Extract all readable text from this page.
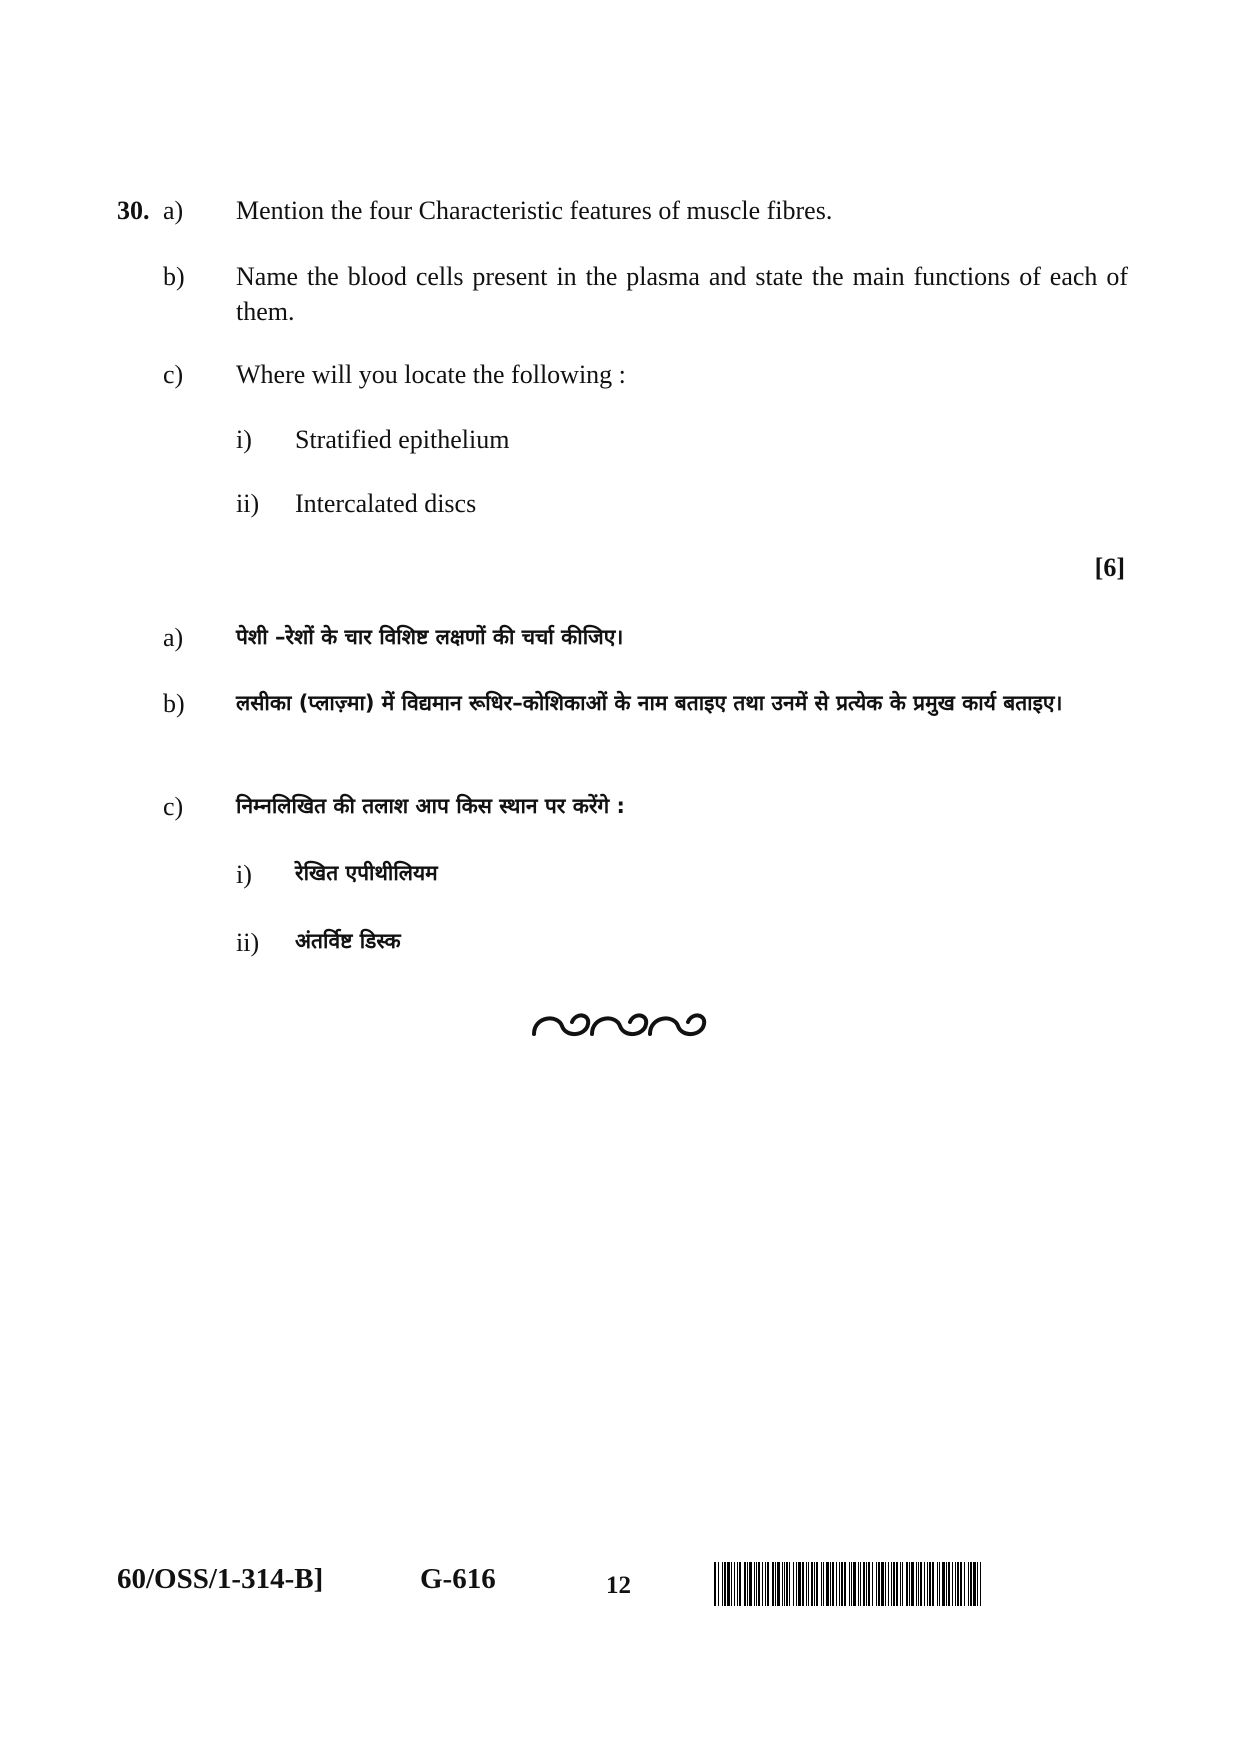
30. a) Mention the four Characteristic features of muscle fibres.
b) Name the blood cells present in the plasma and state the main functions of each of them.
c) Where will you locate the following :
i) Stratified epithelium
ii) Intercalated discs
[6]
a)	पेशी –रेशों के चार विशिष्ट लक्षणों की चर्चा कीजिए।
b) लसीका (प्लाज़्मा) में विद्यमान रूधिर–कोशिकाओं के नाम बताइए तथा उनमें से प्रत्येक के प्रमुख कार्य बताइए।
c)	निम्नलिखित की तलाश आप किस स्थान पर करेंगे :
i) रेखित एपीथीलियम
ii) अंतर्विष्ट डिस्क
60/OSS/1-314-B]	G-616	12
